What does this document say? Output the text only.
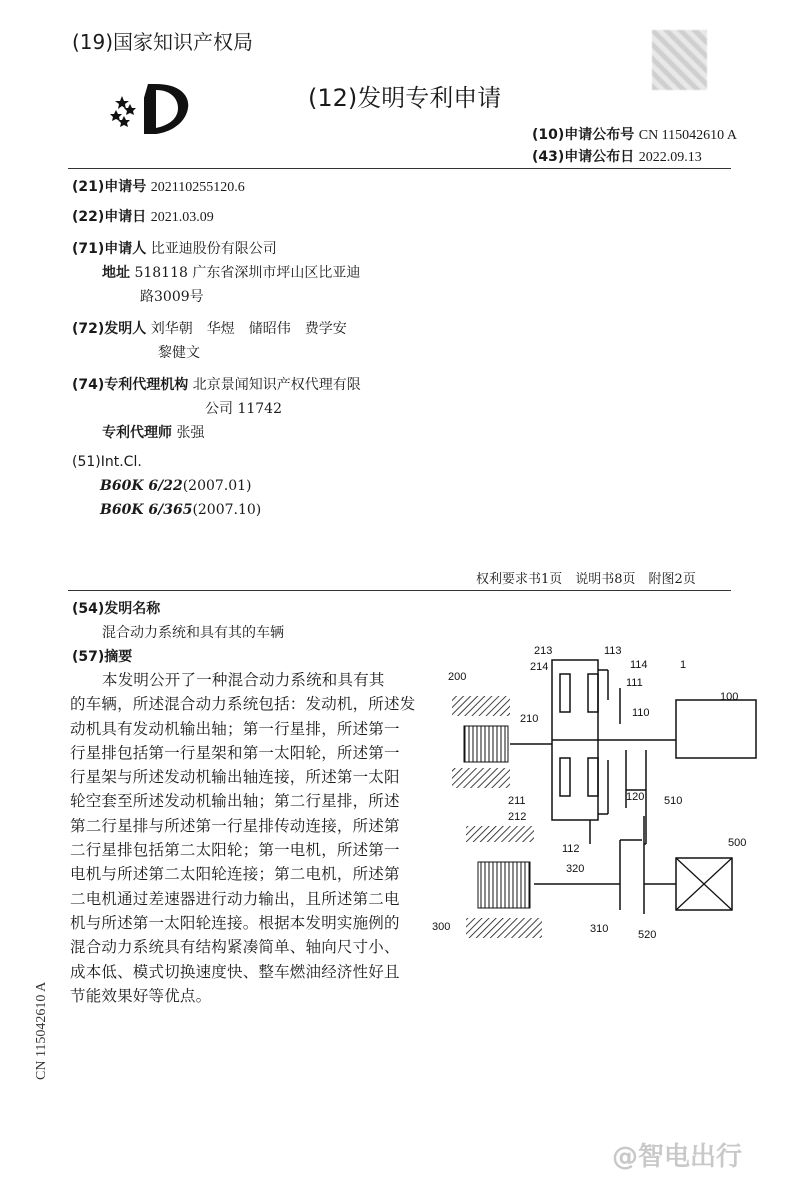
(19)国家知识产权局
(12)发明专利申请
(10)申请公布号 CN 115042610 A
(43)申请公布日 2022.09.13
(21)申请号 202110255120.6
(22)申请日 2021.03.09
(71)申请人 比亚迪股份有限公司
地址 518118 广东省深圳市坪山区比亚迪
路3009号
(72)发明人 刘华朝　华煜　储昭伟　费学安
黎健文
(74)专利代理机构 北京景闻知识产权代理有限
公司 11742
专利代理师 张强
(51)Int.Cl.
B60K 6/22(2007.01)
B60K 6/365(2007.10)
权利要求书1页　说明书8页　附图2页
(54)发明名称
混合动力系统和具有其的车辆
(57)摘要
本发明公开了一种混合动力系统和具有其
的车辆，所述混合动力系统包括：发动机，所述发
动机具有发动机输出轴；第一行星排，所述第一
行星排包括第一行星架和第一太阳轮，所述第一
行星架与所述发动机输出轴连接，所述第一太阳
轮空套至所述发动机输出轴；第二行星排，所述
第二行星排与所述第一行星排传动连接，所述第
二行星排包括第二太阳轮；第一电机，所述第一
电机与所述第二太阳轮连接；第二电机，所述第
二电机通过差速器进行动力输出，且所述第二电
机与所述第一太阳轮连接。根据本发明实施例的
混合动力系统具有结构紧凑简单、轴向尺寸小、
成本低、模式切换速度快、整车燃油经济性好且
节能效果好等优点。
200
213
214
113
114	1
111
110
100
210
211
212
112
120 510
500
320
300	310	520
CN 115042610 A
@智电出行
